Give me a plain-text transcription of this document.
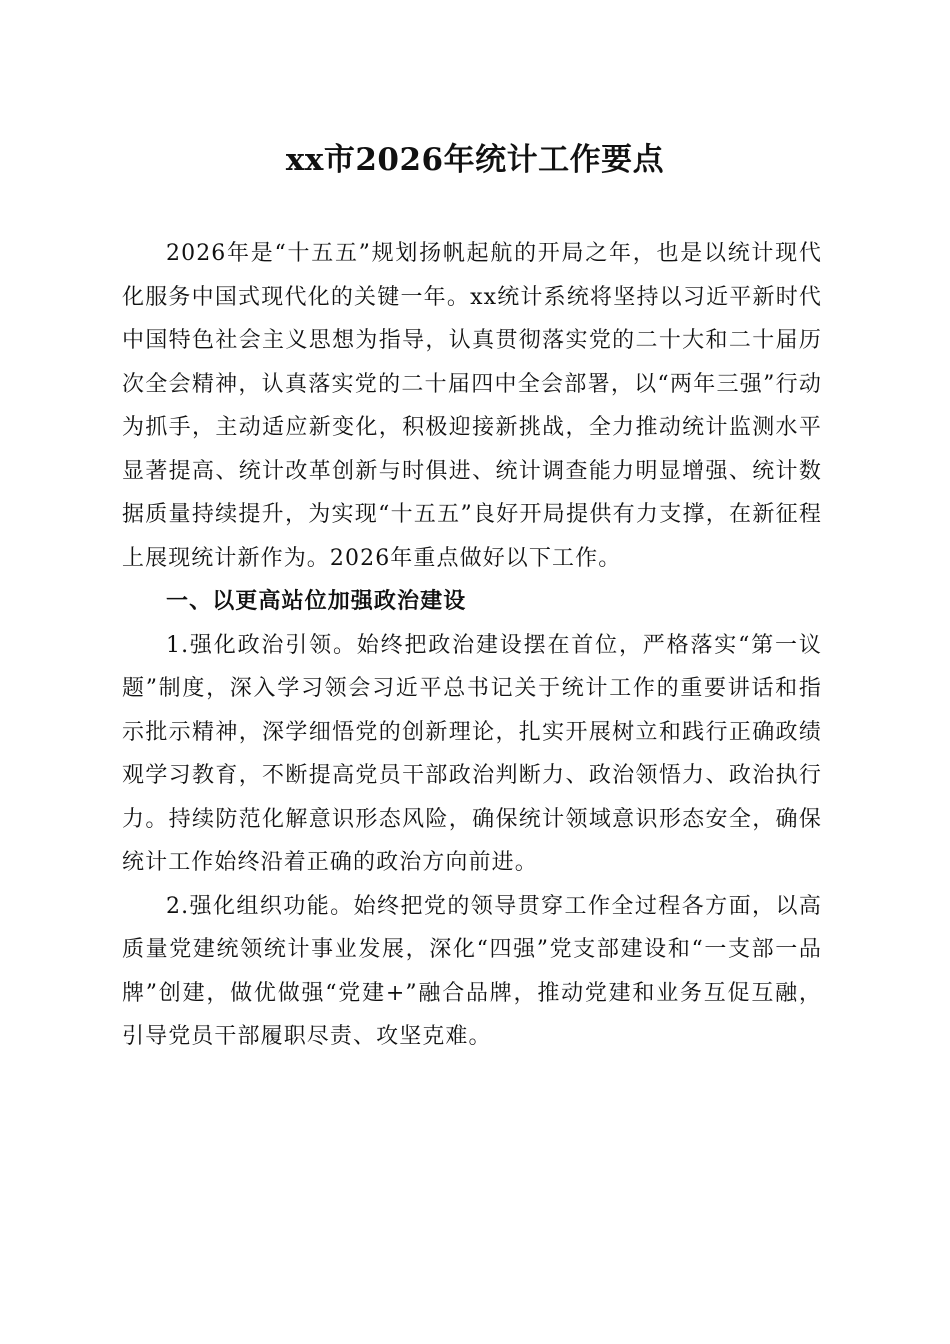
xx市2026年统计工作要点

2026年是“十五五”规划扬帆起航的开局之年，也是以统计现代化服务中国式现代化的关键一年。xx统计系统将坚持以习近平新时代中国特色社会主义思想为指导，认真贯彻落实党的二十大和二十届历次全会精神，认真落实党的二十届四中全会部署，以“两年三强”行动为抓手，主动适应新变化，积极迎接新挑战，全力推动统计监测水平显著提高、统计改革创新与时俱进、统计调查能力明显增强、统计数据质量持续提升，为实现“十五五”良好开局提供有力支撑，在新征程上展现统计新作为。2026年重点做好以下工作。

一、以更高站位加强政治建设

1.强化政治引领。始终把政治建设摆在首位，严格落实“第一议题”制度，深入学习领会习近平总书记关于统计工作的重要讲话和指示批示精神，深学细悟党的创新理论，扎实开展树立和践行正确政绩观学习教育，不断提高党员干部政治判断力、政治领悟力、政治执行力。持续防范化解意识形态风险，确保统计领域意识形态安全，确保统计工作始终沿着正确的政治方向前进。

2.强化组织功能。始终把党的领导贯穿工作全过程各方面，以高质量党建统领统计事业发展，深化“四强”党支部建设和“一支部一品牌”创建，做优做强“党建+”融合品牌，推动党建和业务互促互融，引导党员干部履职尽责、攻坚克难。
